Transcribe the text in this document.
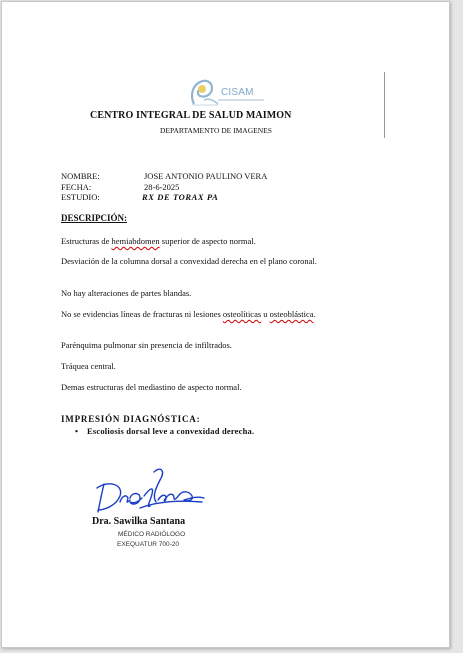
CISAM
CENTRO INTEGRAL DE SALUD MAIMON
DEPARTAMENTO DE IMAGENES
NOMBRE:	JOSE ANTONIO PAULINO VERA
FECHA:	28-6-2025
ESTUDIO:	RX DE TORAX PA
DESCRIPCIÓN:
Estructuras de hemiabdomen superior de aspecto normal.
Desviación de la columna dorsal a convexidad derecha en el plano coronal.
No hay alteraciones de partes blandas.
No se evidencias líneas de fracturas ni lesiones osteolíticas u osteoblástica.
Parénquima pulmonar sin presencia de infiltrados.
Tráquea central.
Demas estructuras del mediastino de aspecto normal.
IMPRESIÓN DIAGNÓSTICA:
• Escoliosis dorsal leve a convexidad derecha.
Dra. Sawilka Santana
MÉDICO RADIÓLOGO
EXEQUATUR 700-20
